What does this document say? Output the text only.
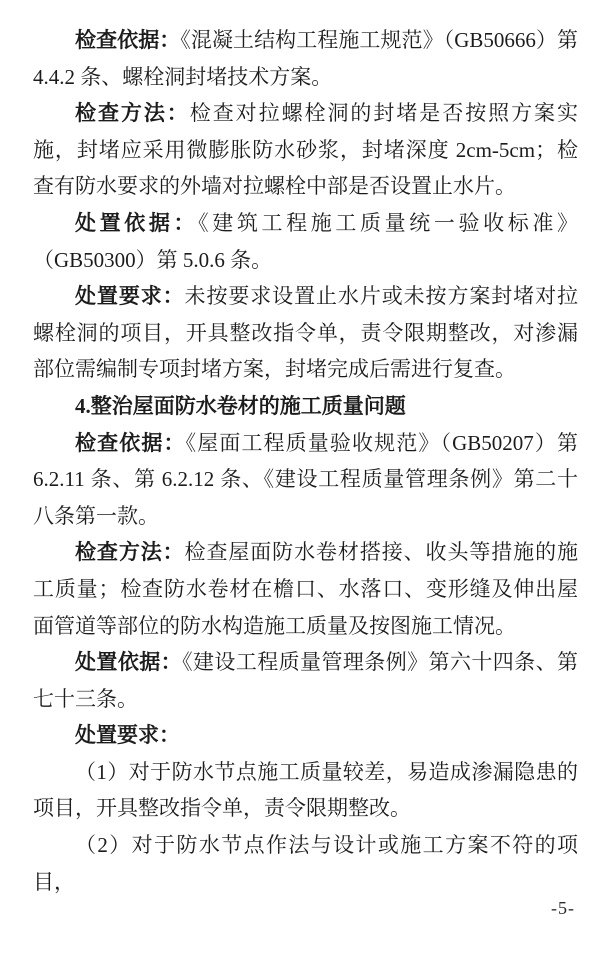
检查依据：《混凝土结构工程施工规范》（GB50666）第 4.4.2 条、螺栓洞封堵技术方案。

检查方法：检查对拉螺栓洞的封堵是否按照方案实施，封堵应采用微膨胀防水砂浆，封堵深度 2cm-5cm；检查有防水要求的外墙对拉螺栓中部是否设置止水片。

处置依据：《建筑工程施工质量统一验收标准》（GB50300）第 5.0.6 条。

处置要求：未按要求设置止水片或未按方案封堵对拉螺栓洞的项目，开具整改指令单，责令限期整改，对渗漏部位需编制专项封堵方案，封堵完成后需进行复查。

4.整治屋面防水卷材的施工质量问题

检查依据：《屋面工程质量验收规范》（GB50207）第 6.2.11 条、第 6.2.12 条、《建设工程质量管理条例》第二十八条第一款。

检查方法：检查屋面防水卷材搭接、收头等措施的施工质量；检查防水卷材在檐口、水落口、变形缝及伸出屋面管道等部位的防水构造施工质量及按图施工情况。

处置依据：《建设工程质量管理条例》第六十四条、第七十三条。

处置要求：

（1）对于防水节点施工质量较差，易造成渗漏隐患的项目，开具整改指令单，责令限期整改。

（2）对于防水节点作法与设计或施工方案不符的项目，

-5-
